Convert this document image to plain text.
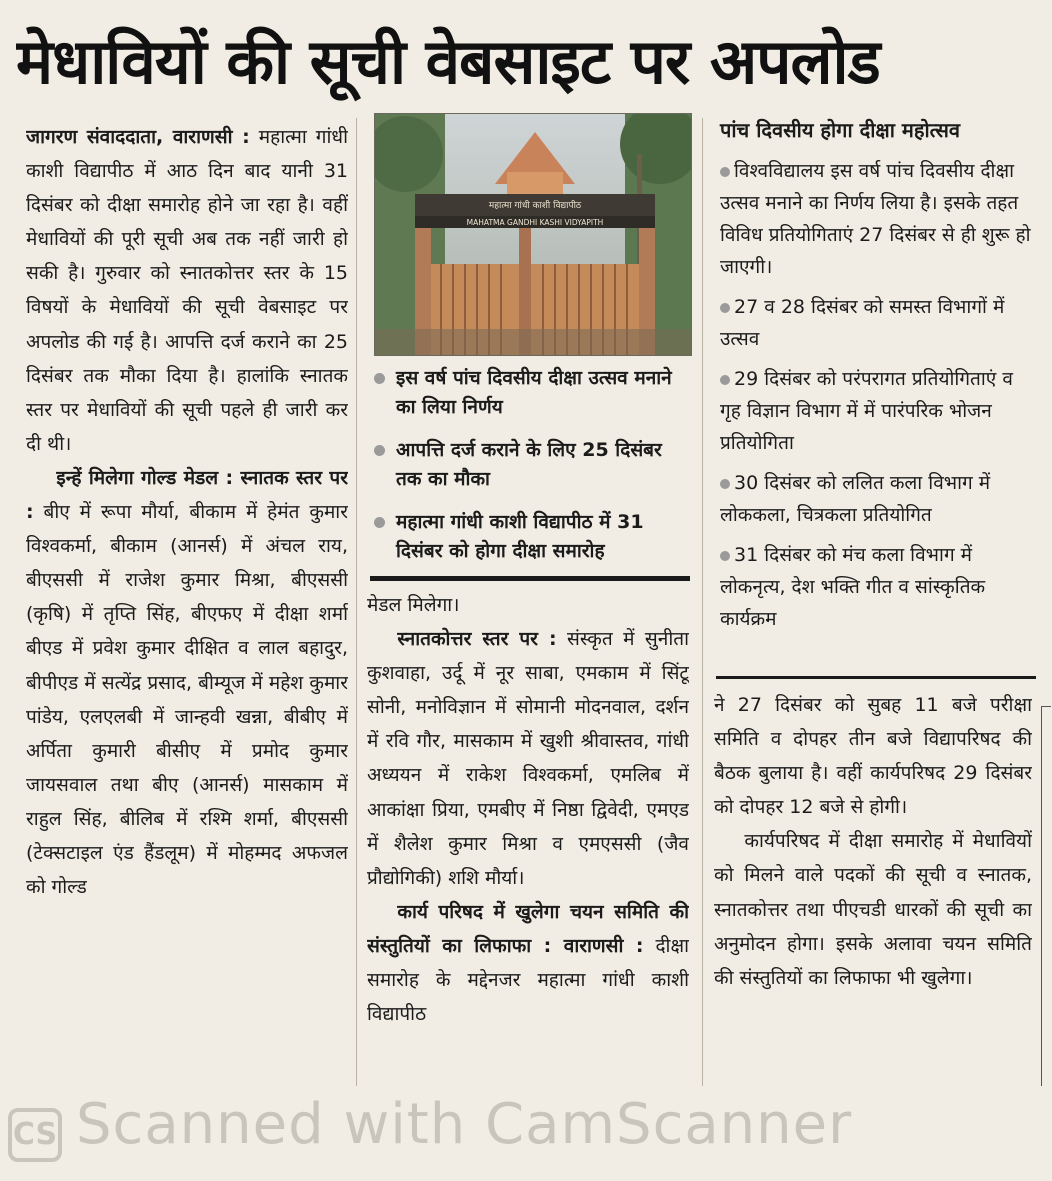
मेधावियों की सूची वेबसाइट पर अपलोड

जागरण संवाददाता, वाराणसी : महात्मा गांधी काशी विद्यापीठ में आठ दिन बाद यानी 31 दिसंबर को दीक्षा समारोह होने जा रहा है। वहीं मेधावियों की पूरी सूची अब तक नहीं जारी हो सकी है। गुरुवार को स्नातकोत्तर स्तर के 15 विषयों के मेधावियों की सूची वेबसाइट पर अपलोड की गई है। आपत्ति दर्ज कराने का 25 दिसंबर तक मौका दिया है। हालांकि स्नातक स्तर पर मेधावियों की सूची पहले ही जारी कर दी थी।

इन्हें मिलेगा गोल्ड मेडल : स्नातक स्तर पर : बीए में रूपा मौर्या, बीकाम में हेमंत कुमार विश्वकर्मा, बीकाम (आनर्स) में अंचल राय, बीएससी में राजेश कुमार मिश्रा, बीएससी (कृषि) में तृप्ति सिंह, बीएफए में दीक्षा शर्मा बीएड में प्रवेश कुमार दीक्षित व लाल बहादुर, बीपीएड में सत्येंद्र प्रसाद, बीम्यूज में महेश कुमार पांडेय, एलएलबी में जान्हवी खन्ना, बीबीए में अर्पिता कुमारी बीसीए में प्रमोद कुमार जायसवाल तथा बीए (आनर्स) मासकाम में राहुल सिंह, बीलिब में रश्मि शर्मा, बीएससी (टेक्सटाइल एंड हैंडलूम) में मोहम्मद अफजल को गोल्ड

महात्मा गांधी काशी विद्यापीठ
MAHATMA GANDHI KASHI VIDYAPITH
इस वर्ष पांच दिवसीय दीक्षा उत्सव मनाने का लिया निर्णय
आपत्ति दर्ज कराने के लिए 25 दिसंबर तक का मौका
महात्मा गांधी काशी विद्यापीठ में 31 दिसंबर को होगा दीक्षा समारोह

मेडल मिलेगा।

स्नातकोत्तर स्तर पर : संस्कृत में सुनीता कुशवाहा, उर्दू में नूर साबा, एमकाम में सिंटू सोनी, मनोविज्ञान में सोमानी मोदनवाल, दर्शन में रवि गौर, मासकाम में खुशी श्रीवास्तव, गांधी अध्ययन में राकेश विश्वकर्मा, एमलिब में आकांक्षा प्रिया, एमबीए में निष्ठा द्विवेदी, एमएड में शैलेश कुमार मिश्रा व एमएससी (जैव प्रौद्योगिकी) शशि मौर्या।

कार्य परिषद में खुलेगा चयन समिति की संस्तुतियों का लिफाफा : वाराणसी : दीक्षा समारोह के मद्देनजर महात्मा गांधी काशी विद्यापीठ

पांच दिवसीय होगा दीक्षा महोत्सव
विश्वविद्यालय इस वर्ष पांच दिवसीय दीक्षा उत्सव मनाने का निर्णय लिया है। इसके तहत विविध प्रतियोगिताएं 27 दिसंबर से ही शुरू हो जाएगी।
27 व 28 दिसंबर को समस्त विभागों में उत्सव
29 दिसंबर को परंपरागत प्रतियोगिताएं व गृह विज्ञान विभाग में में पारंपरिक भोजन प्रतियोगिता
30 दिसंबर को ललित कला विभाग में लोककला, चित्रकला प्रतियोगित
31 दिसंबर को मंच कला विभाग में लोकनृत्य, देश भक्ति गीत व सांस्कृतिक कार्यक्रम

ने 27 दिसंबर को सुबह 11 बजे परीक्षा समिति व दोपहर तीन बजे विद्यापरिषद की बैठक बुलाया है। वहीं कार्यपरिषद 29 दिसंबर को दोपहर 12 बजे से होगी।

कार्यपरिषद में दीक्षा समारोह में मेधावियों को मिलने वाले पदकों की सूची व स्नातक, स्नातकोत्तर तथा पीएचडी धारकों की सूची का अनुमोदन होगा। इसके अलावा चयन समिति की संस्तुतियों का लिफाफा भी खुलेगा।

CS Scanned with CamScanner
